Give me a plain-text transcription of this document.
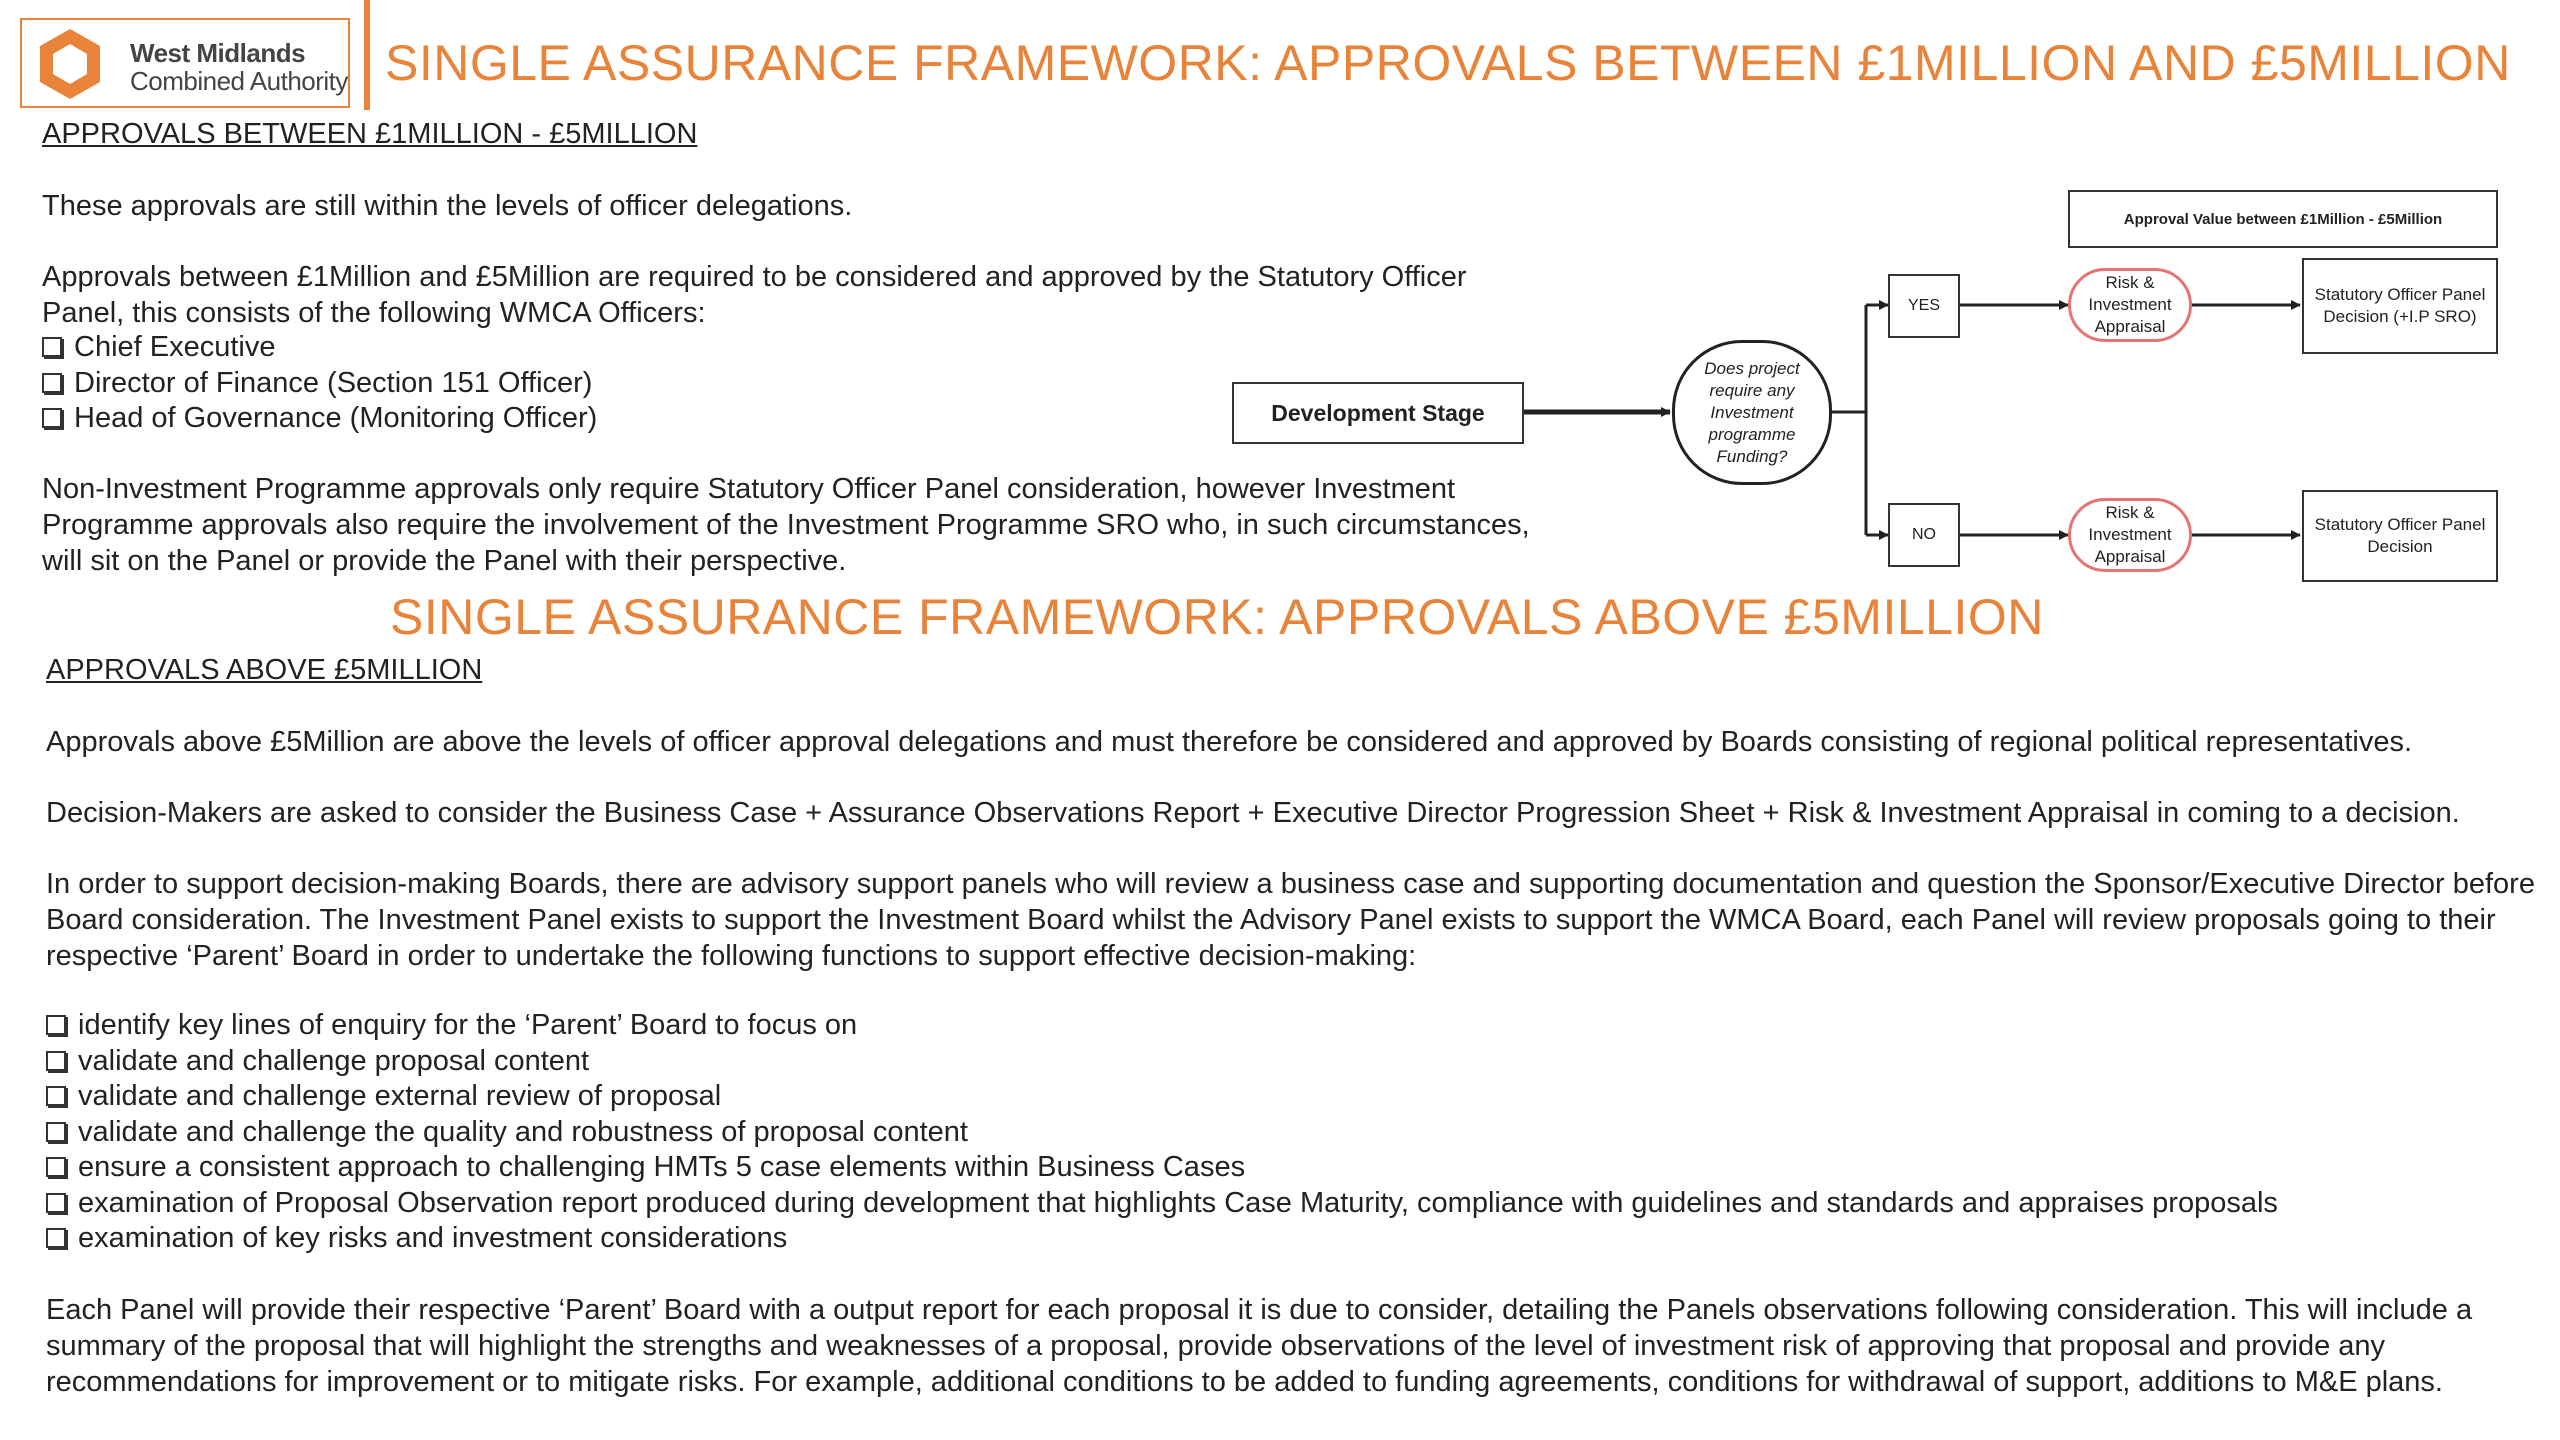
West Midlands
Combined Authority SINGLE ASSURANCE FRAMEWORK: APPROVALS BETWEEN £1MILLION AND £5MILLION
APPROVALS BETWEEN £1MILLION - £5MILLION
These approvals are still within the levels of officer delegations.
Approvals between £1Million and £5Million are required to be considered and approved by the Statutory Officer Panel, this consists of the following WMCA Officers:
Chief Executive
Director of Finance (Section 151 Officer)
Head of Governance (Monitoring Officer)
Non-Investment Programme approvals only require Statutory Officer Panel consideration, however Investment Programme approvals also require the involvement of the Investment Programme SRO who, in such circumstances, will sit on the Panel or provide the Panel with their perspective.
Approval Value between £1Million - £5Million
Development Stage
Does project require any Investment programme Funding?
YES
NO
Risk & Investment Appraisal
Risk & Investment Appraisal
Statutory Officer Panel Decision (+I.P SRO)
Statutory Officer Panel Decision
SINGLE ASSURANCE FRAMEWORK: APPROVALS ABOVE £5MILLION
APPROVALS ABOVE £5MILLION
Approvals above £5Million are above the levels of officer approval delegations and must therefore be considered and approved by Boards consisting of regional political representatives.
Decision-Makers are asked to consider the Business Case + Assurance Observations Report + Executive Director Progression Sheet + Risk & Investment Appraisal in coming to a decision.
In order to support decision-making Boards, there are advisory support panels who will review a business case and supporting documentation and question the Sponsor/Executive Director before Board consideration. The Investment Panel exists to support the Investment Board whilst the Advisory Panel exists to support the WMCA Board, each Panel will review proposals going to their respective ‘Parent’ Board in order to undertake the following functions to support effective decision-making:
identify key lines of enquiry for the ‘Parent’ Board to focus on
validate and challenge proposal content
validate and challenge external review of proposal
validate and challenge the quality and robustness of proposal content
ensure a consistent approach to challenging HMTs 5 case elements within Business Cases
examination of Proposal Observation report produced during development that highlights Case Maturity, compliance with guidelines and standards and appraises proposals
examination of key risks and investment considerations
Each Panel will provide their respective ‘Parent’ Board with a output report for each proposal it is due to consider, detailing the Panels observations following consideration. This will include a summary of the proposal that will highlight the strengths and weaknesses of a proposal, provide observations of the level of investment risk of approving that proposal and provide any recommendations for improvement or to mitigate risks. For example, additional conditions to be added to funding agreements, conditions for withdrawal of support, additions to M&E plans.
